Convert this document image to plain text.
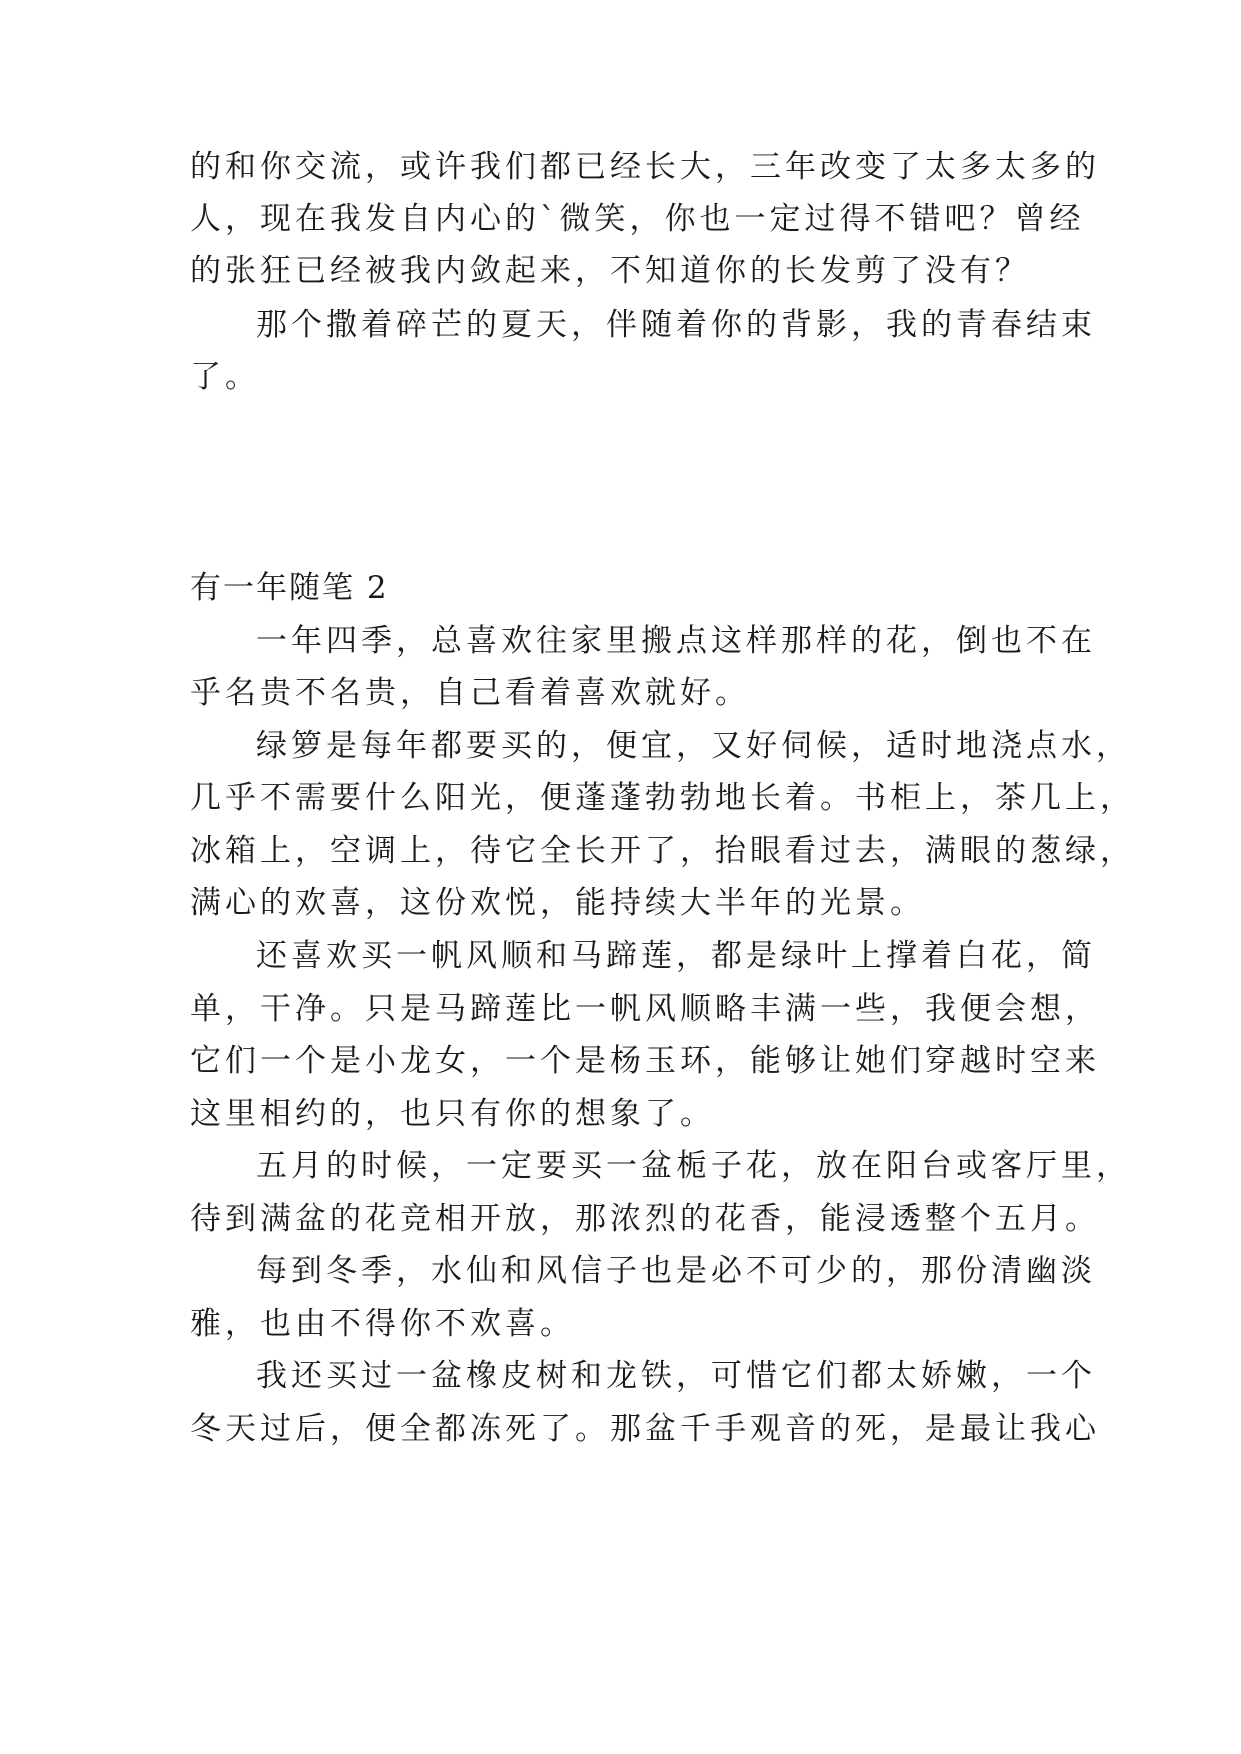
的和你交流，或许我们都已经长大，三年改变了太多太多的
人，现在我发自内心的`微笑，你也一定过得不错吧？曾经
的张狂已经被我内敛起来，不知道你的长发剪了没有？
那个撒着碎芒的夏天，伴随着你的背影，我的青春结束
了。
有一年随笔 2
一年四季，总喜欢往家里搬点这样那样的花，倒也不在
乎名贵不名贵，自己看着喜欢就好。
绿箩是每年都要买的，便宜，又好伺候，适时地浇点水，
几乎不需要什么阳光，便蓬蓬勃勃地长着。书柜上，茶几上，
冰箱上，空调上，待它全长开了，抬眼看过去，满眼的葱绿，
满心的欢喜，这份欢悦，能持续大半年的光景。
还喜欢买一帆风顺和马蹄莲，都是绿叶上撑着白花，简
单，干净。只是马蹄莲比一帆风顺略丰满一些，我便会想，
它们一个是小龙女，一个是杨玉环，能够让她们穿越时空来
这里相约的，也只有你的想象了。
五月的时候，一定要买一盆栀子花，放在阳台或客厅里，
待到满盆的花竞相开放，那浓烈的花香，能浸透整个五月。
每到冬季，水仙和风信子也是必不可少的，那份清幽淡
雅，也由不得你不欢喜。
我还买过一盆橡皮树和龙铁，可惜它们都太娇嫩，一个
冬天过后，便全都冻死了。那盆千手观音的死，是最让我心
